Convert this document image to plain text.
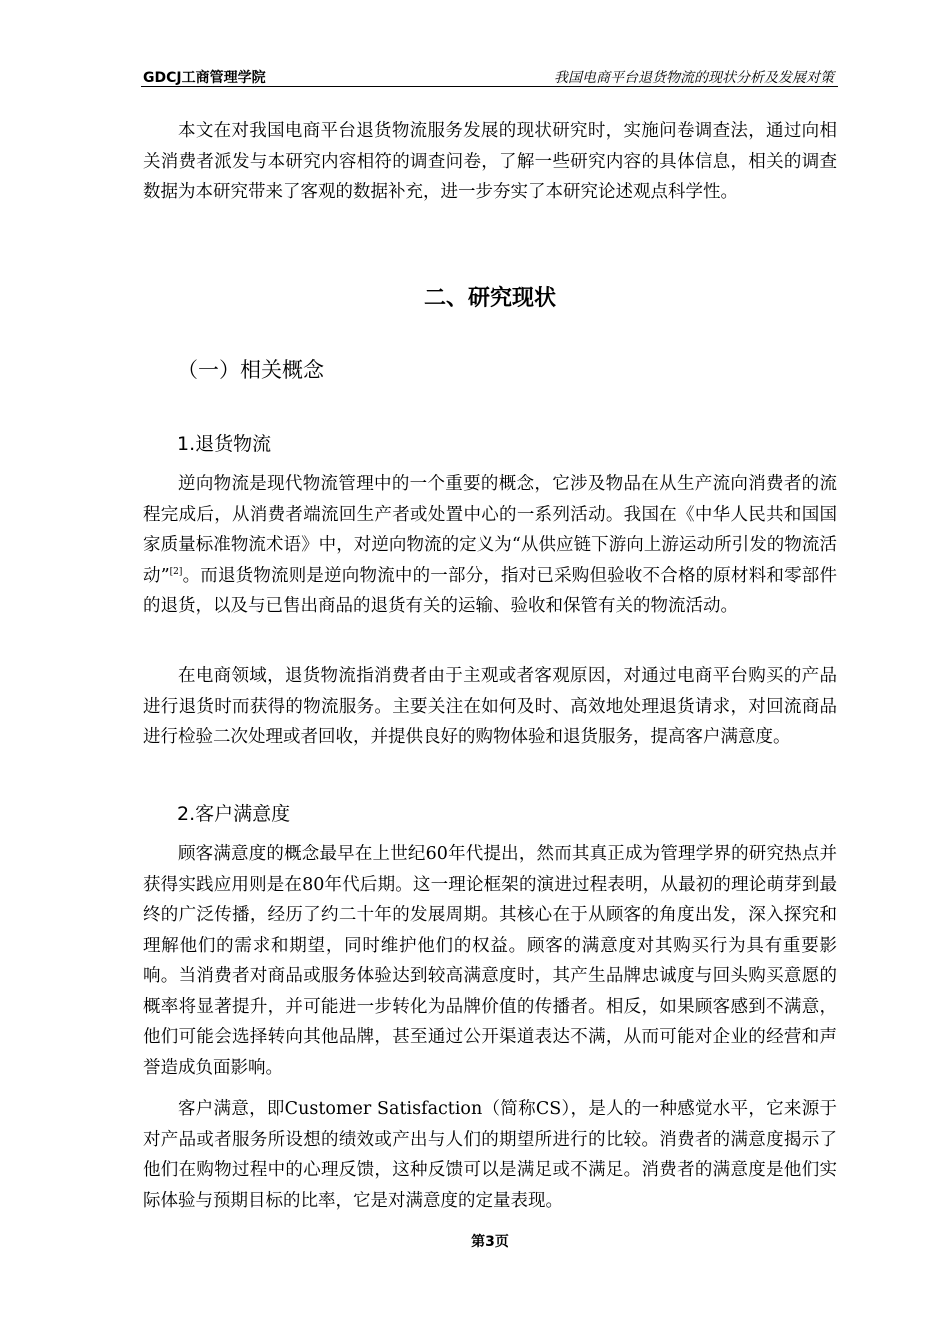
GDCJ工商管理学院	我国电商平台退货物流的现状分析及发展对策

本文在对我国电商平台退货物流服务发展的现状研究时，实施问卷调查法，通过向相关消费者派发与本研究内容相符的调查问卷，了解一些研究内容的具体信息，相关的调查数据为本研究带来了客观的数据补充，进一步夯实了本研究论述观点科学性。

二、研究现状
（一）相关概念
1.退货物流

逆向物流是现代物流管理中的一个重要的概念，它涉及物品在从生产流向消费者的流程完成后，从消费者端流回生产者或处置中心的一系列活动。我国在《中华人民共和国国家质量标准物流术语》中，对逆向物流的定义为“从供应链下游向上游运动所引发的物流活动”[2]。而退货物流则是逆向物流中的一部分，指对已采购但验收不合格的原材料和零部件的退货，以及与已售出商品的退货有关的运输、验收和保管有关的物流活动。

在电商领域，退货物流指消费者由于主观或者客观原因，对通过电商平台购买的产品进行退货时而获得的物流服务。主要关注在如何及时、高效地处理退货请求，对回流商品进行检验二次处理或者回收，并提供良好的购物体验和退货服务，提高客户满意度。

2.客户满意度

顾客满意度的概念最早在上世纪60年代提出，然而其真正成为管理学界的研究热点并获得实践应用则是在80年代后期。这一理论框架的演进过程表明，从最初的理论萌芽到最终的广泛传播，经历了约二十年的发展周期。其核心在于从顾客的角度出发，深入探究和理解他们的需求和期望，同时维护他们的权益。顾客的满意度对其购买行为具有重要影响。当消费者对商品或服务体验达到较高满意度时，其产生品牌忠诚度与回头购买意愿的概率将显著提升，并可能进一步转化为品牌价值的传播者。相反，如果顾客感到不满意，他们可能会选择转向其他品牌，甚至通过公开渠道表达不满，从而可能对企业的经营和声誉造成负面影响。

客户满意，即Customer Satisfaction（简称CS），是人的一种感觉水平，它来源于对产品或者服务所设想的绩效或产出与人们的期望所进行的比较。消费者的满意度揭示了他们在购物过程中的心理反馈，这种反馈可以是满足或不满足。消费者的满意度是他们实际体验与预期目标的比率，它是对满意度的定量表现。

第3页
